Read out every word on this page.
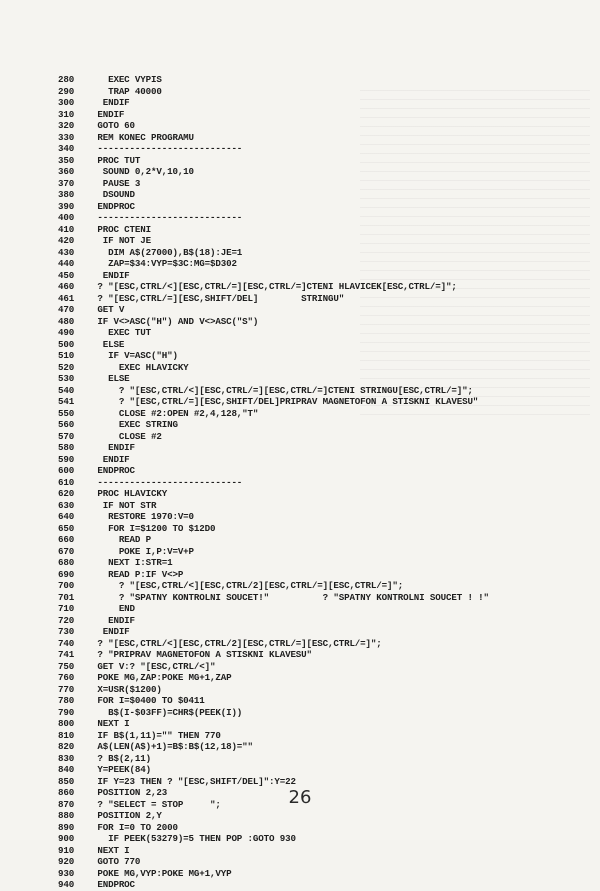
280   EXEC VYPIS
290   TRAP 40000
300  ENDIF
310 ENDIF
320 GOTO 60
330 REM KONEC PROGRAMU
340 ---------------------------
350 PROC TUT
360  SOUND 0,2*V,10,10
370  PAUSE 3
380  DSOUND
390 ENDPROC
400 ---------------------------
410 PROC CTENI
420  IF NOT JE
430   DIM A$(27000),B$(18):JE=1
440   ZAP=$34:VYP=$3C:MG=$D302
450  ENDIF
460 ? "[ESC,CTRL/<][ESC,CTRL/=][ESC,CTRL/=]CTENI HLAVICEK[ESC,CTRL/=]";
461 ? "[ESC,CTRL/=][ESC,SHIFT/DEL]        STRINGU"
470 GET V
480 IF V<>ASC("H") AND V<>ASC("S")
490   EXEC TUT
500  ELSE
510   IF V=ASC("H")
520     EXEC HLAVICKY
530   ELSE
540     ? "[ESC,CTRL/<][ESC,CTRL/=][ESC,CTRL/=]CTENI STRINGU[ESC,CTRL/=]";
541     ? "[ESC,CTRL/=][ESC,SHIFT/DEL]PRIPRAV MAGNETOFON A STISKNI KLAVESU"
550     CLOSE #2:OPEN #2,4,128,"T"
560     EXEC STRING
570     CLOSE #2
580   ENDIF
590  ENDIF
600 ENDPROC
610 ---------------------------
620 PROC HLAVICKY
630  IF NOT STR
640   RESTORE 1970:V=0
650   FOR I=$1200 TO $12D0
660     READ P
670     POKE I,P:V=V+P
680   NEXT I:STR=1
690   READ P:IF V<>P
700     ? "[ESC,CTRL/<][ESC,CTRL/2][ESC,CTRL/=][ESC,CTRL/=]";
701     ? "SPATNY KONTROLNI SOUCET!"          ? "SPATNY KONTROLNI SOUCET ! !"
710     END
720   ENDIF
730  ENDIF
740 ? "[ESC,CTRL/<][ESC,CTRL/2][ESC,CTRL/=][ESC,CTRL/=]";
741 ? "PRIPRAV MAGNETOFON A STISKNI KLAVESU"
750 GET V:? "[ESC,CTRL/<]"
760 POKE MG,ZAP:POKE MG+1,ZAP
770 X=USR($1200)
780 FOR I=$0400 TO $0411
790   B$(I-$03FF)=CHR$(PEEK(I))
800 NEXT I
810 IF B$(1,11)="" THEN 770
820 A$(LEN(A$)+1)=B$:B$(12,18)=""
830 ? B$(2,11)
840 Y=PEEK(84)
850 IF Y=23 THEN ? "[ESC,SHIFT/DEL]":Y=22
860 POSITION 2,23
870 ? "SELECT = STOP     ";
880 POSITION 2,Y
890 FOR I=0 TO 2000
900   IF PEEK(53279)=5 THEN POP :GOTO 930
910 NEXT I
920 GOTO 770
930 POKE MG,VYP:POKE MG+1,VYP
940 ENDPROC
26
